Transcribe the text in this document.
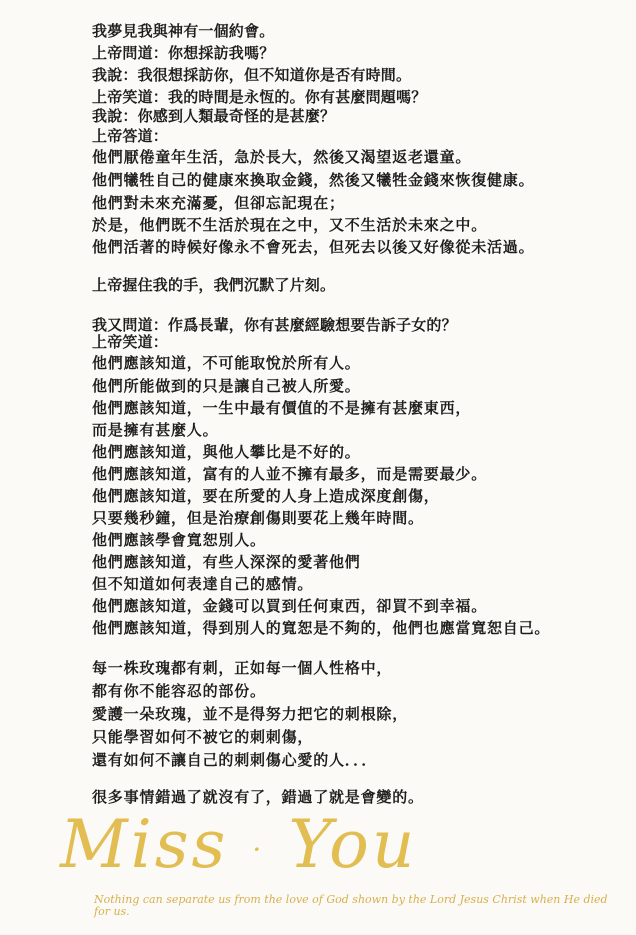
我夢見我與神有一個約會。
上帝問道：你想採訪我嗎？
我說：我很想採訪你，但不知道你是否有時間。
上帝笑道：我的時間是永恆的。你有甚麼問題嗎？
我說：你感到人類最奇怪的是甚麼？
上帝答道：
他們厭倦童年生活，急於長大，然後又渴望返老還童。
他們犧牲自己的健康來換取金錢，然後又犧牲金錢來恢復健康。
他們對未來充滿憂，但卻忘記現在；
於是，他們既不生活於現在之中，又不生活於未來之中。
他們活著的時候好像永不會死去，但死去以後又好像從未活過。
上帝握住我的手，我們沉默了片刻。
我又問道：作爲長輩，你有甚麼經驗想要告訴子女的？
上帝笑道：
他們應該知道，不可能取悅於所有人。
他們所能做到的只是讓自己被人所愛。
他們應該知道，一生中最有價值的不是擁有甚麼東西，
而是擁有甚麼人。
他們應該知道，與他人攀比是不好的。
他們應該知道，富有的人並不擁有最多，而是需要最少。
他們應該知道，要在所愛的人身上造成深度創傷，
只要幾秒鐘，但是治療創傷則要花上幾年時間。
他們應該學會寬恕別人。
他們應該知道，有些人深深的愛著他們
但不知道如何表達自己的感情。
他們應該知道，金錢可以買到任何東西，卻買不到幸福。
他們應該知道，得到別人的寬恕是不夠的，他們也應當寬恕自己。
每一株玫瑰都有刺，正如每一個人性格中，
都有你不能容忍的部份。
愛護一朵玫瑰，並不是得努力把它的刺根除，
只能學習如何不被它的刺刺傷，
還有如何不讓自己的刺刺傷心愛的人．．．
很多事情錯過了就沒有了，錯過了就是會變的。
Miss · You
Nothing can separate us from the love of God shown by the Lord Jesus Christ when He died for us.
